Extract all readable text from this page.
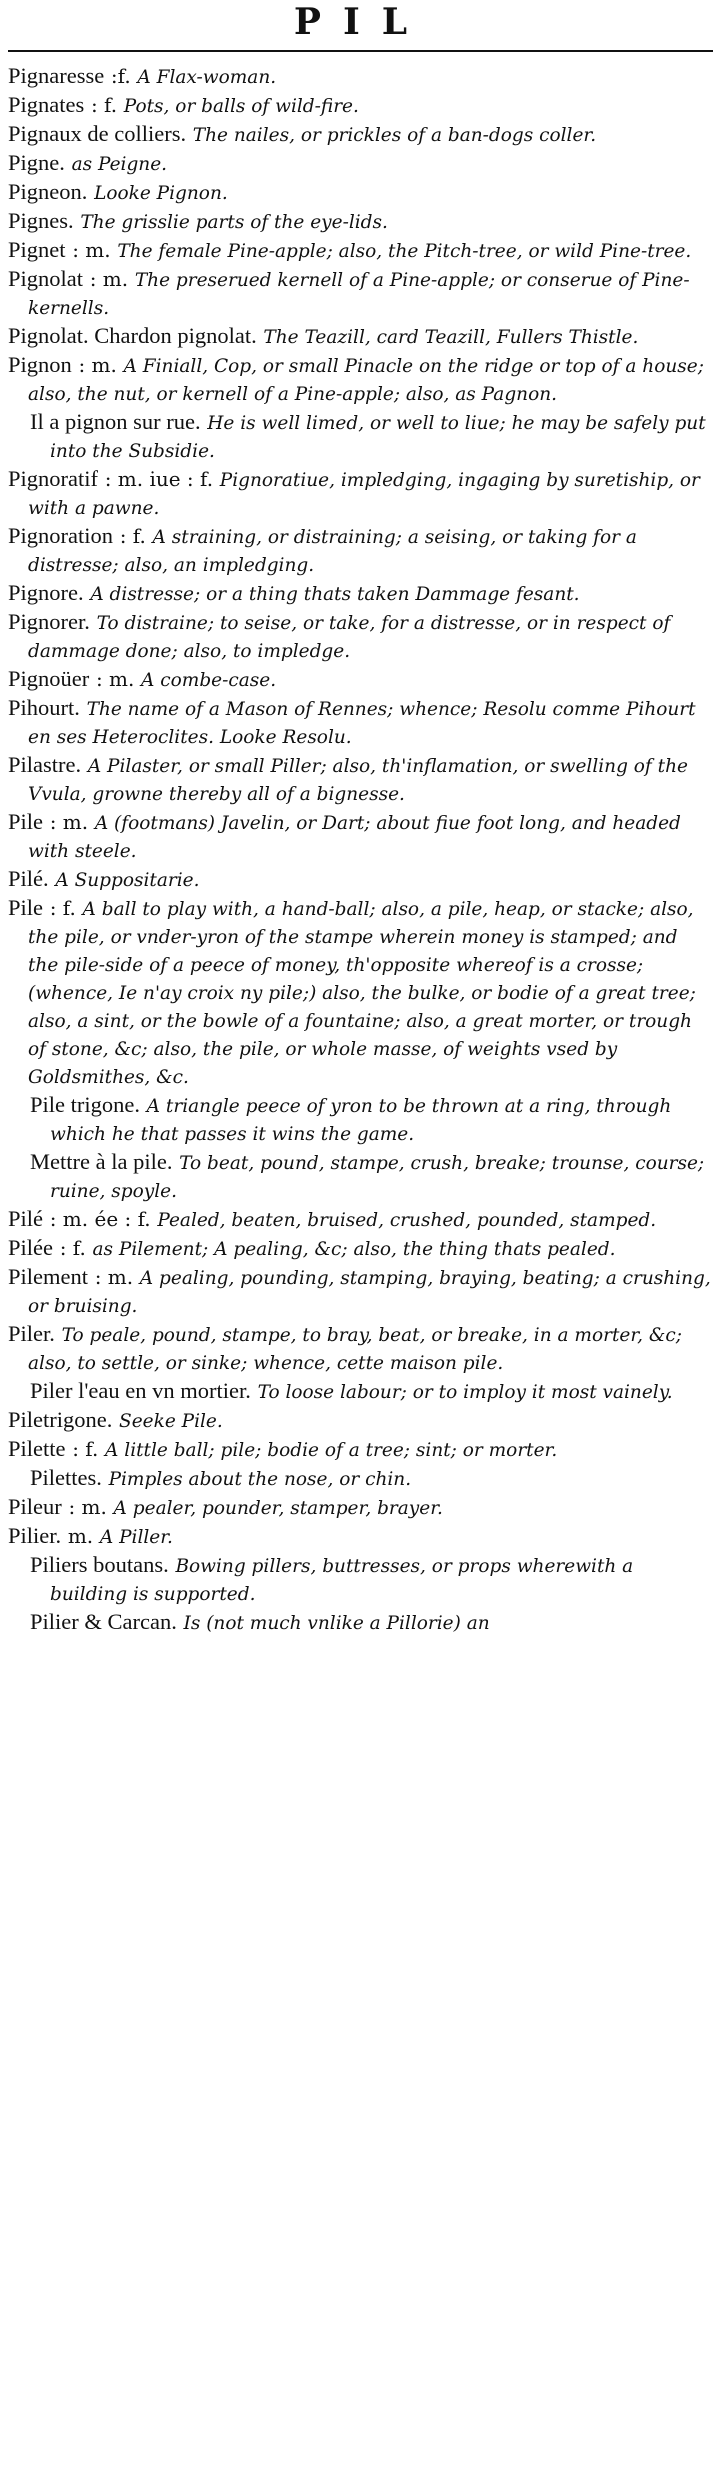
PIL
Pignaresse :f. A Flax-woman.
Pignates : f. Pots, or balls of wild-fire.
Pignaux de colliers. The nailes, or prickles of a ban-dogs coller.
Pigne. as Peigne.
Pigneon. Looke Pignon.
Pignes. The grisslie parts of the eye-lids.
Pignet : m. The female Pine-apple; also, the Pitch-tree, or wild Pine-tree.
Pignolat : m. The preserued kernell of a Pine-apple; or conserue of Pine-kernells.
Pignolat. Chardon pignolat. The Teazill, card Teazill, Fullers Thistle.
Pignon : m. A Finiall, Cop, or small Pinacle on the ridge or top of a house; also, the nut, or kernell of a Pine-apple; also, as Pagnon.
Il a pignon sur rue. He is well limed, or well to liue; he may be safely put into the Subsidie.
Pignoratif : m. iue : f. Pignoratiue, impledging, ingaging by suretiship, or with a pawne.
Pignoration : f. A straining, or distraining; a seising, or taking for a distresse; also, an impledging.
Pignore. A distresse; or a thing thats taken Dammage fesant.
Pignorer. To distraine; to seise, or take, for a distresse, or in respect of dammage done; also, to impledge.
Pignoüer : m. A combe-case.
Pihourt. The name of a Mason of Rennes; whence; Resolu comme Pihourt en ses Heteroclites. Looke Resolu.
Pilastre. A Pilaster, or small Piller; also, th'inflamation, or swelling of the Vvula, growne thereby all of a bignesse.
Pile : m. A (footmans) Javelin, or Dart; about fiue foot long, and headed with steele.
Pilé. A Suppositarie.
Pile : f. A ball to play with, a hand-ball; also, a pile, heap, or stacke; also, the pile, or vnder-yron of the stampe wherein money is stamped; and the pile-side of a peece of money, th'opposite whereof is a crosse; (whence, Ie n'ay croix ny pile;) also, the bulke, or bodie of a great tree; also, a sint, or the bowle of a fountaine; also, a great morter, or trough of stone, &c; also, the pile, or whole masse, of weights vsed by Goldsmithes, &c.
Pile trigone. A triangle peece of yron to be thrown at a ring, through which he that passes it wins the game.
Mettre à la pile. To beat, pound, stampe, crush, breake; trounse, course; ruine, spoyle.
Pilé : m. ée : f. Pealed, beaten, bruised, crushed, pounded, stamped.
Pilée : f. as Pilement; A pealing, &c; also, the thing thats pealed.
Pilement : m. A pealing, pounding, stamping, braying, beating; a crushing, or bruising.
Piler. To peale, pound, stampe, to bray, beat, or breake, in a morter, &c; also, to settle, or sinke; whence, cette maison pile.
Piler l'eau en vn mortier. To loose labour; or to imploy it most vainely.
Piletrigone. Seeke Pile.
Pilette : f. A little ball; pile; bodie of a tree; sint; or morter.
Pilettes. Pimples about the nose, or chin.
Pileur : m. A pealer, pounder, stamper, brayer.
Pilier. m. A Piller.
Piliers boutans. Bowing pillers, buttresses, or props wherewith a building is supported.
Pilier & Carcan. Is (not much vnlike a Pillorie) an
